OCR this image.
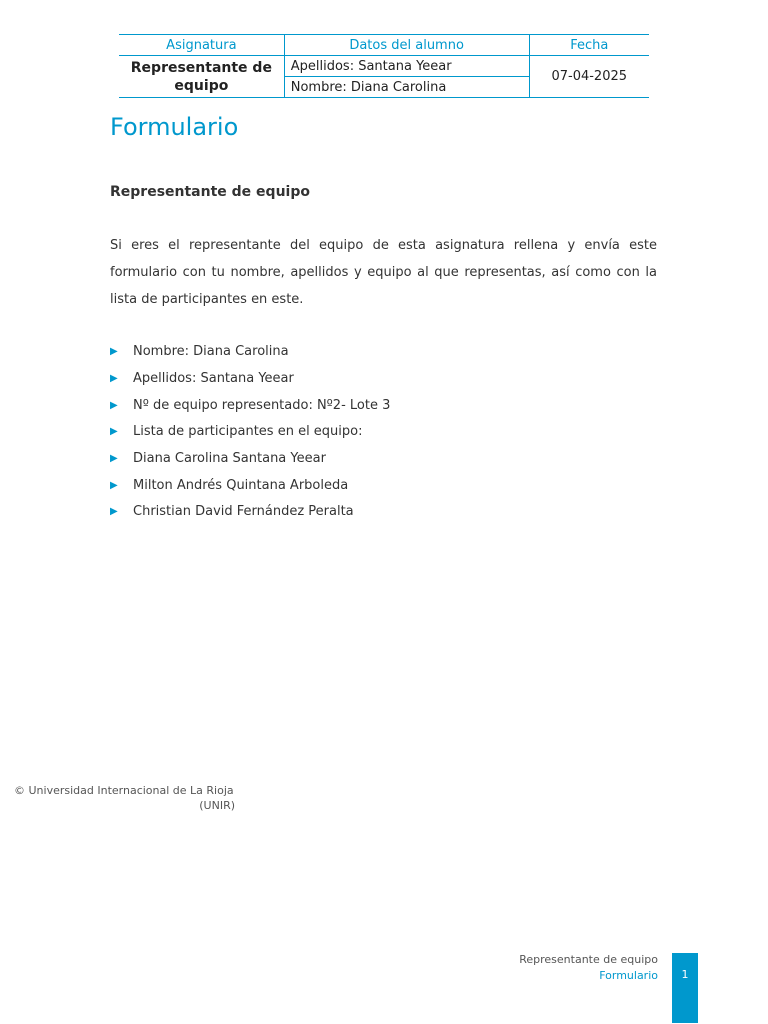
Asignatura	Datos del alumno	Fecha
Representante de equipo	Apellidos: Santana Yeear	07-04-2025
	Nombre: Diana Carolina	
Formulario
Representante de equipo

Si eres el representante del equipo de esta asignatura rellena y envía este formulario con tu nombre, apellidos y equipo al que representas, así como con la lista de participantes en este.

▶	Nombre: Diana Carolina
▶	Apellidos: Santana Yeear
▶	Nº de equipo representado: Nº2- Lote 3
▶	Lista de participantes en el equipo:
▶	Diana Carolina Santana Yeear
▶	Milton Andrés Quintana Arboleda
▶	Christian David Fernández Peralta
© Universidad Internacional de La Rioja
(UNIR)
Representante de equipo
Formulario	1
